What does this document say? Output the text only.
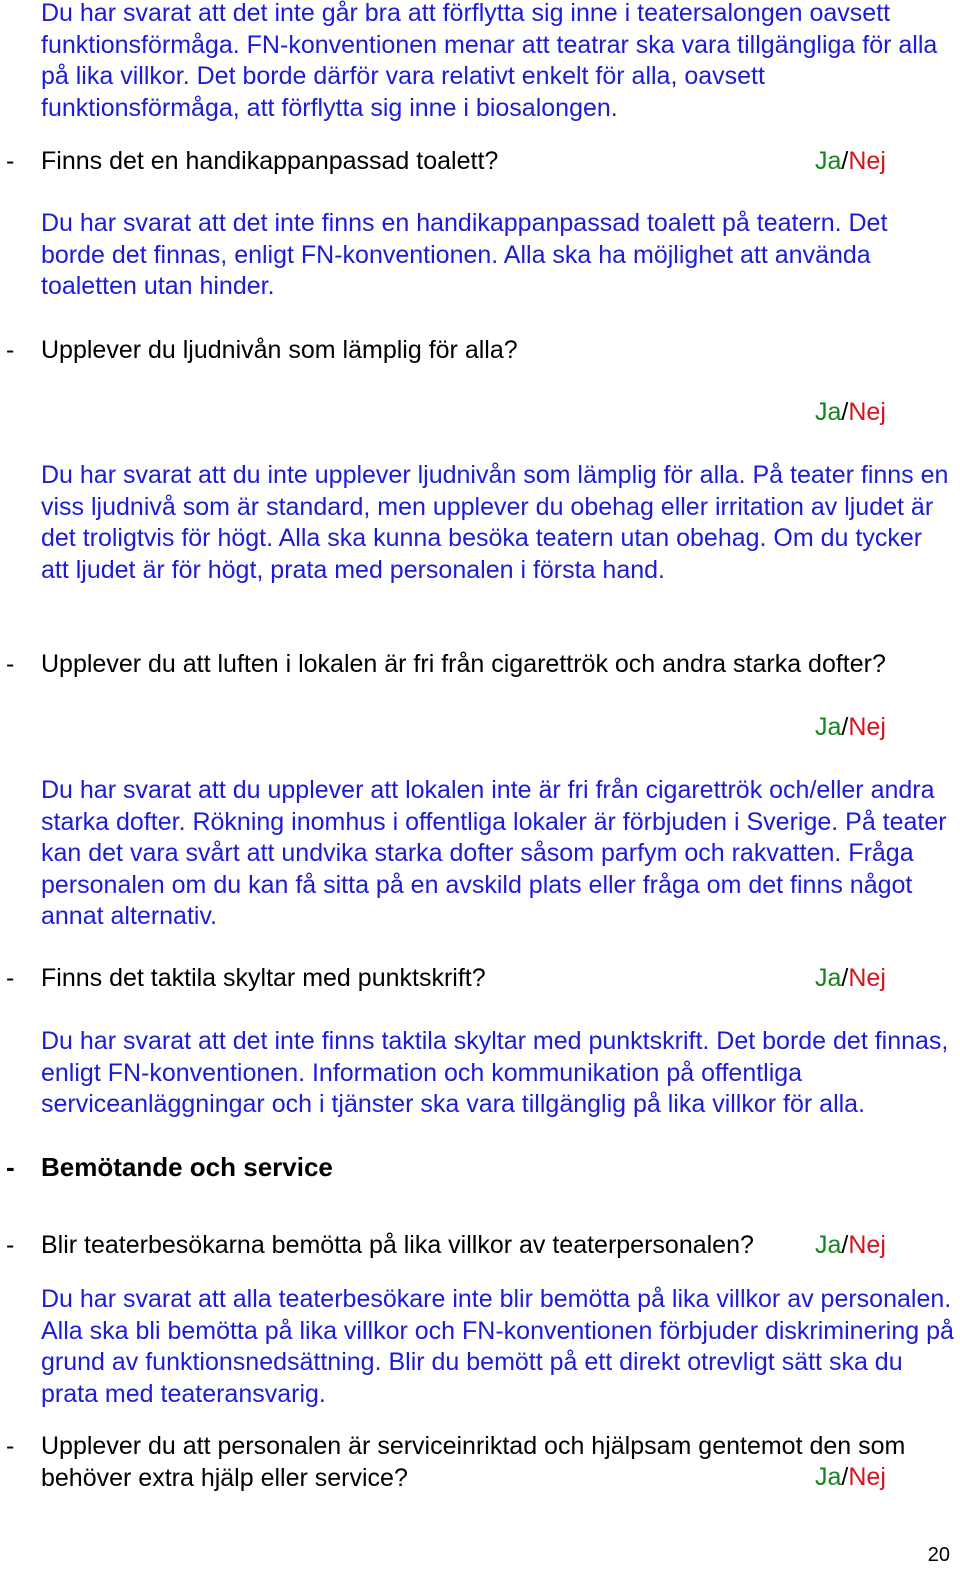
Du har svarat att det inte går bra att förflytta sig inne i teatersalongen oavsett funktionsförmåga. FN-konventionen menar att teatrar ska vara tillgängliga för alla på lika villkor. Det borde därför vara relativt enkelt för alla, oavsett funktionsförmåga, att förflytta sig inne i biosalongen.

- Finns det en handikappanpassad toalett?	Ja/Nej

Du har svarat att det inte finns en handikappanpassad toalett på teatern. Det borde det finnas, enligt FN-konventionen. Alla ska ha möjlighet att använda toaletten utan hinder.

- Upplever du ljudnivån som lämplig för alla?
Ja/Nej

Du har svarat att du inte upplever ljudnivån som lämplig för alla. På teater finns en viss ljudnivå som är standard, men upplever du obehag eller irritation av ljudet är det troligtvis för högt. Alla ska kunna besöka teatern utan obehag. Om du tycker att ljudet är för högt, prata med personalen i första hand.

- Upplever du att luften i lokalen är fri från cigarettrök och andra starka dofter?
Ja/Nej

Du har svarat att du upplever att lokalen inte är fri från cigarettrök och/eller andra starka dofter. Rökning inomhus i offentliga lokaler är förbjuden i Sverige. På teater kan det vara svårt att undvika starka dofter såsom parfym och rakvatten. Fråga personalen om du kan få sitta på en avskild plats eller fråga om det finns något annat alternativ.

- Finns det taktila skyltar med punktskrift?	Ja/Nej

Du har svarat att det inte finns taktila skyltar med punktskrift. Det borde det finnas, enligt FN-konventionen. Information och kommunikation på offentliga serviceanläggningar och i tjänster ska vara tillgänglig på lika villkor för alla.

- Bemötande och service
- Blir teaterbesökarna bemötta på lika villkor av teaterpersonalen? Ja/Nej

Du har svarat att alla teaterbesökare inte blir bemötta på lika villkor av personalen. Alla ska bli bemötta på lika villkor och FN-konventionen förbjuder diskriminering på grund av funktionsnedsättning. Blir du bemött på ett direkt otrevligt sätt ska du prata med teateransvarig.

- Upplever du att personalen är serviceinriktad och hjälpsam gentemot den som behöver extra hjälp eller service?	Ja/Nej
20
